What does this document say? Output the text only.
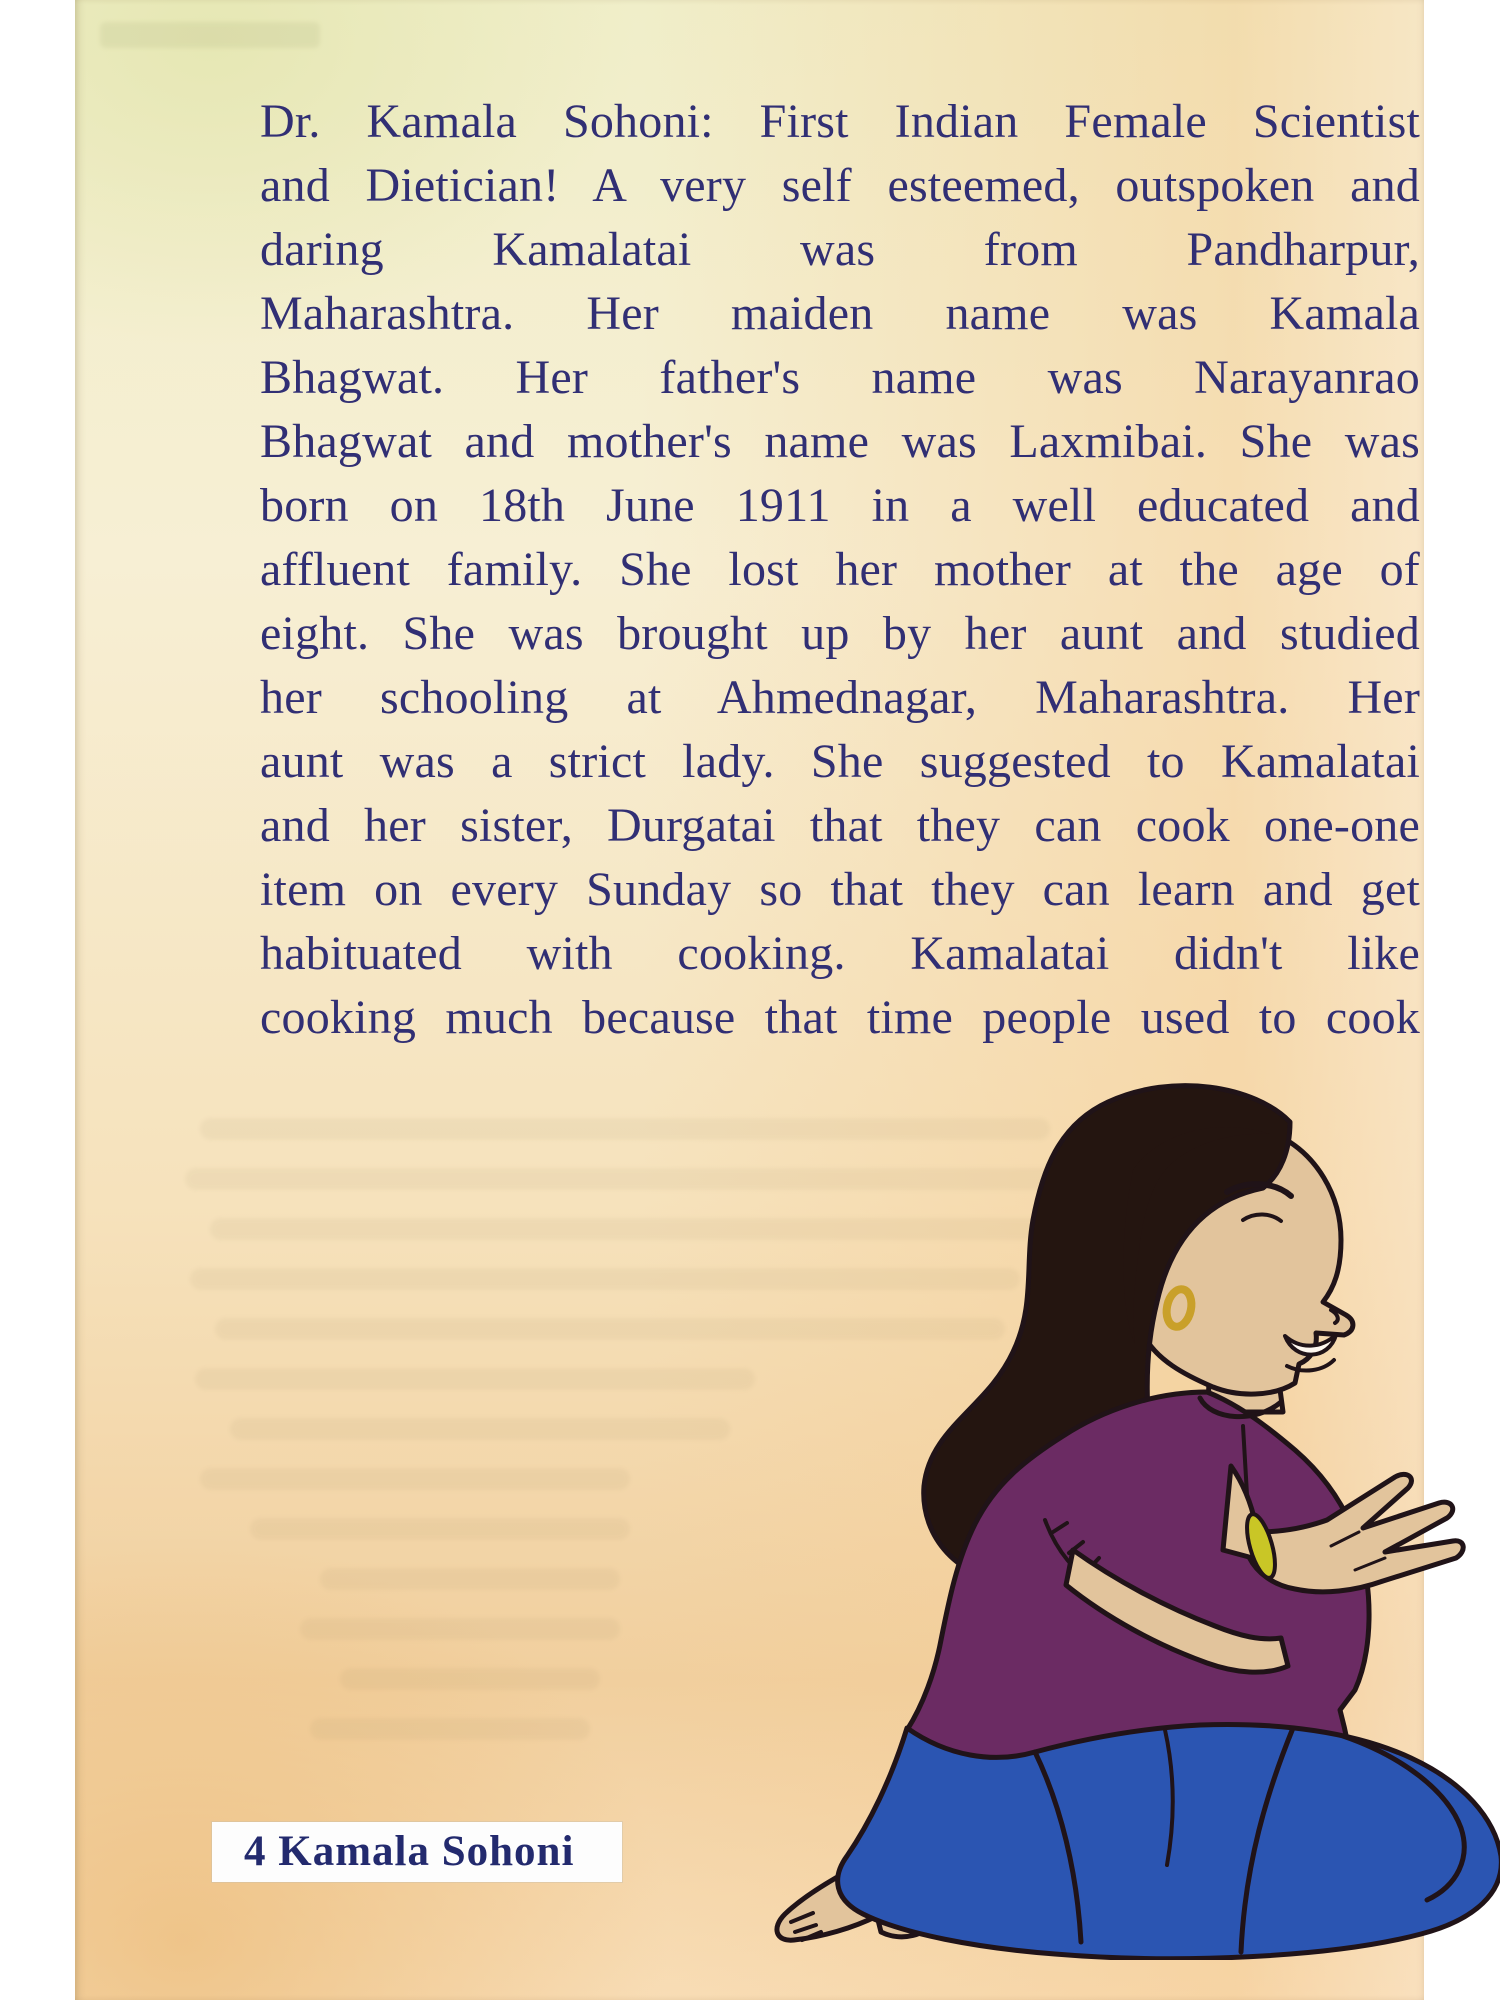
Dr. Kamala Sohoni: First Indian Female Scientist
and Dietician! A very self esteemed, outspoken and
daring Kamalatai was from Pandharpur,
Maharashtra. Her maiden name was Kamala
Bhagwat. Her father's name was Narayanrao
Bhagwat and mother's name was Laxmibai. She was
born on 18th June 1911 in a well educated and
affluent family. She lost her mother at the age of
eight. She was brought up by her aunt and studied
her schooling at Ahmednagar, Maharashtra. Her
aunt was a strict lady. She suggested to Kamalatai
and her sister, Durgatai that they can cook one-one
item on every Sunday so that they can learn and get
habituated with cooking. Kamalatai didn't like
cooking much because that time people used to cook
4 Kamala Sohoni
